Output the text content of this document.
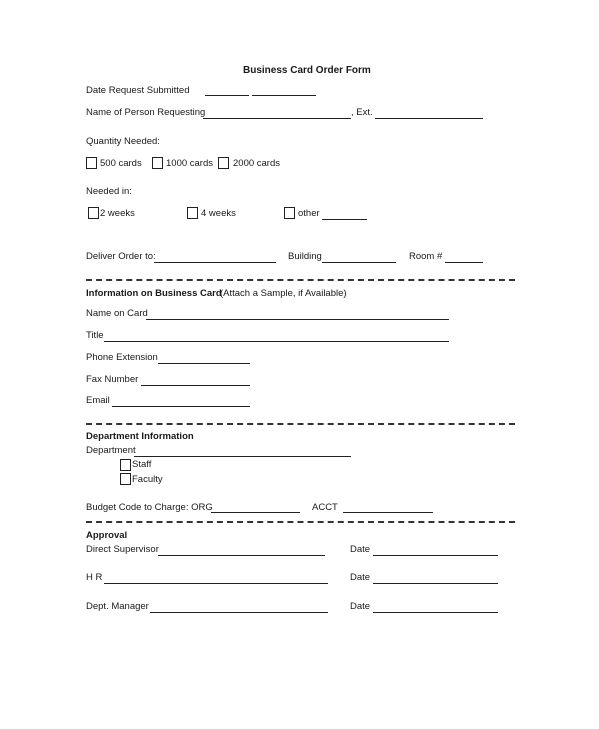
Business Card Order Form
Date Request Submitted
Name of Person Requesting	, Ext.
Quantity Needed:
500 cards	1000 cards 2000 cards
Needed in:
2 weeks	4 weeks	other
Deliver Order to:	Building	Room #
Information on Business Card
(Attach a Sample, if Available)
Name on Card
Title
Phone Extension
Fax Number
Email
Department Information
Department
Staff
Faculty
Budget Code to Charge: ORG	ACCT
Approval
Direct Supervisor	Date
H R	Date
Dept. Manager	Date
